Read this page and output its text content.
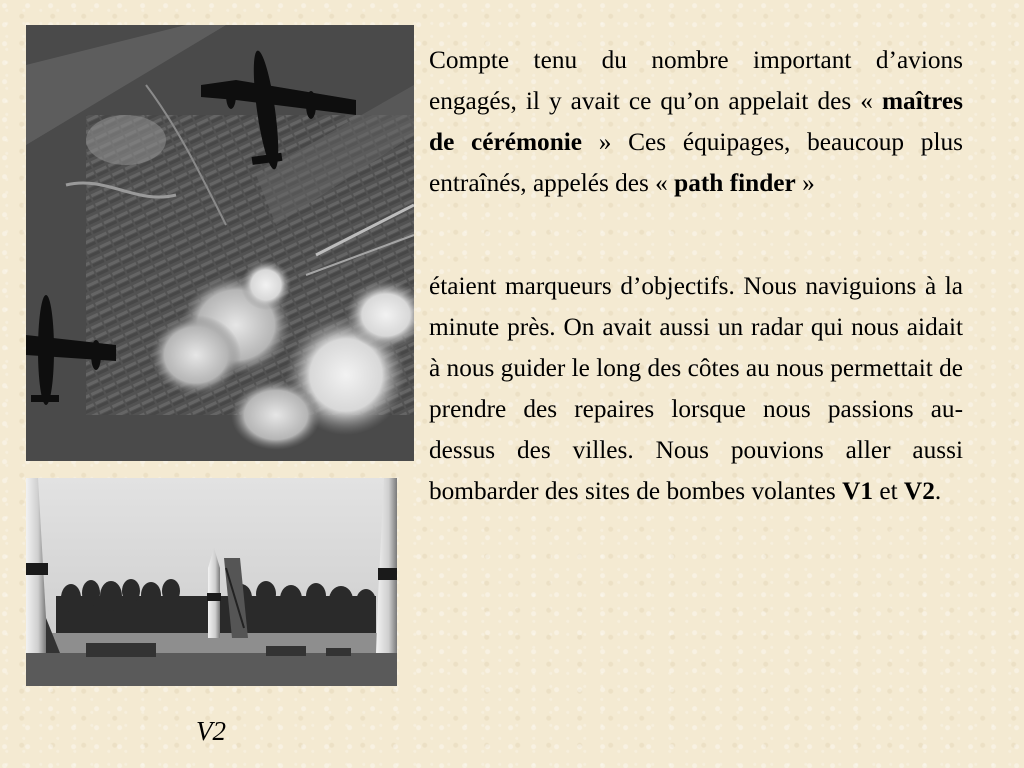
V2
Compte tenu du nombre important d’avions engagés, il y avait ce qu’on appelait des « maîtres de cérémonie » Ces équipages, beaucoup plus entraînés, appelés des « path finder »
étaient marqueurs d’objectifs. Nous naviguions à la minute près. On avait aussi un radar qui nous aidait à nous guider le long des côtes au nous permettait de prendre des repaires lorsque nous passions au-dessus des villes. Nous pouvions aller aussi bombarder des sites de bombes volantes V1 et V2.
